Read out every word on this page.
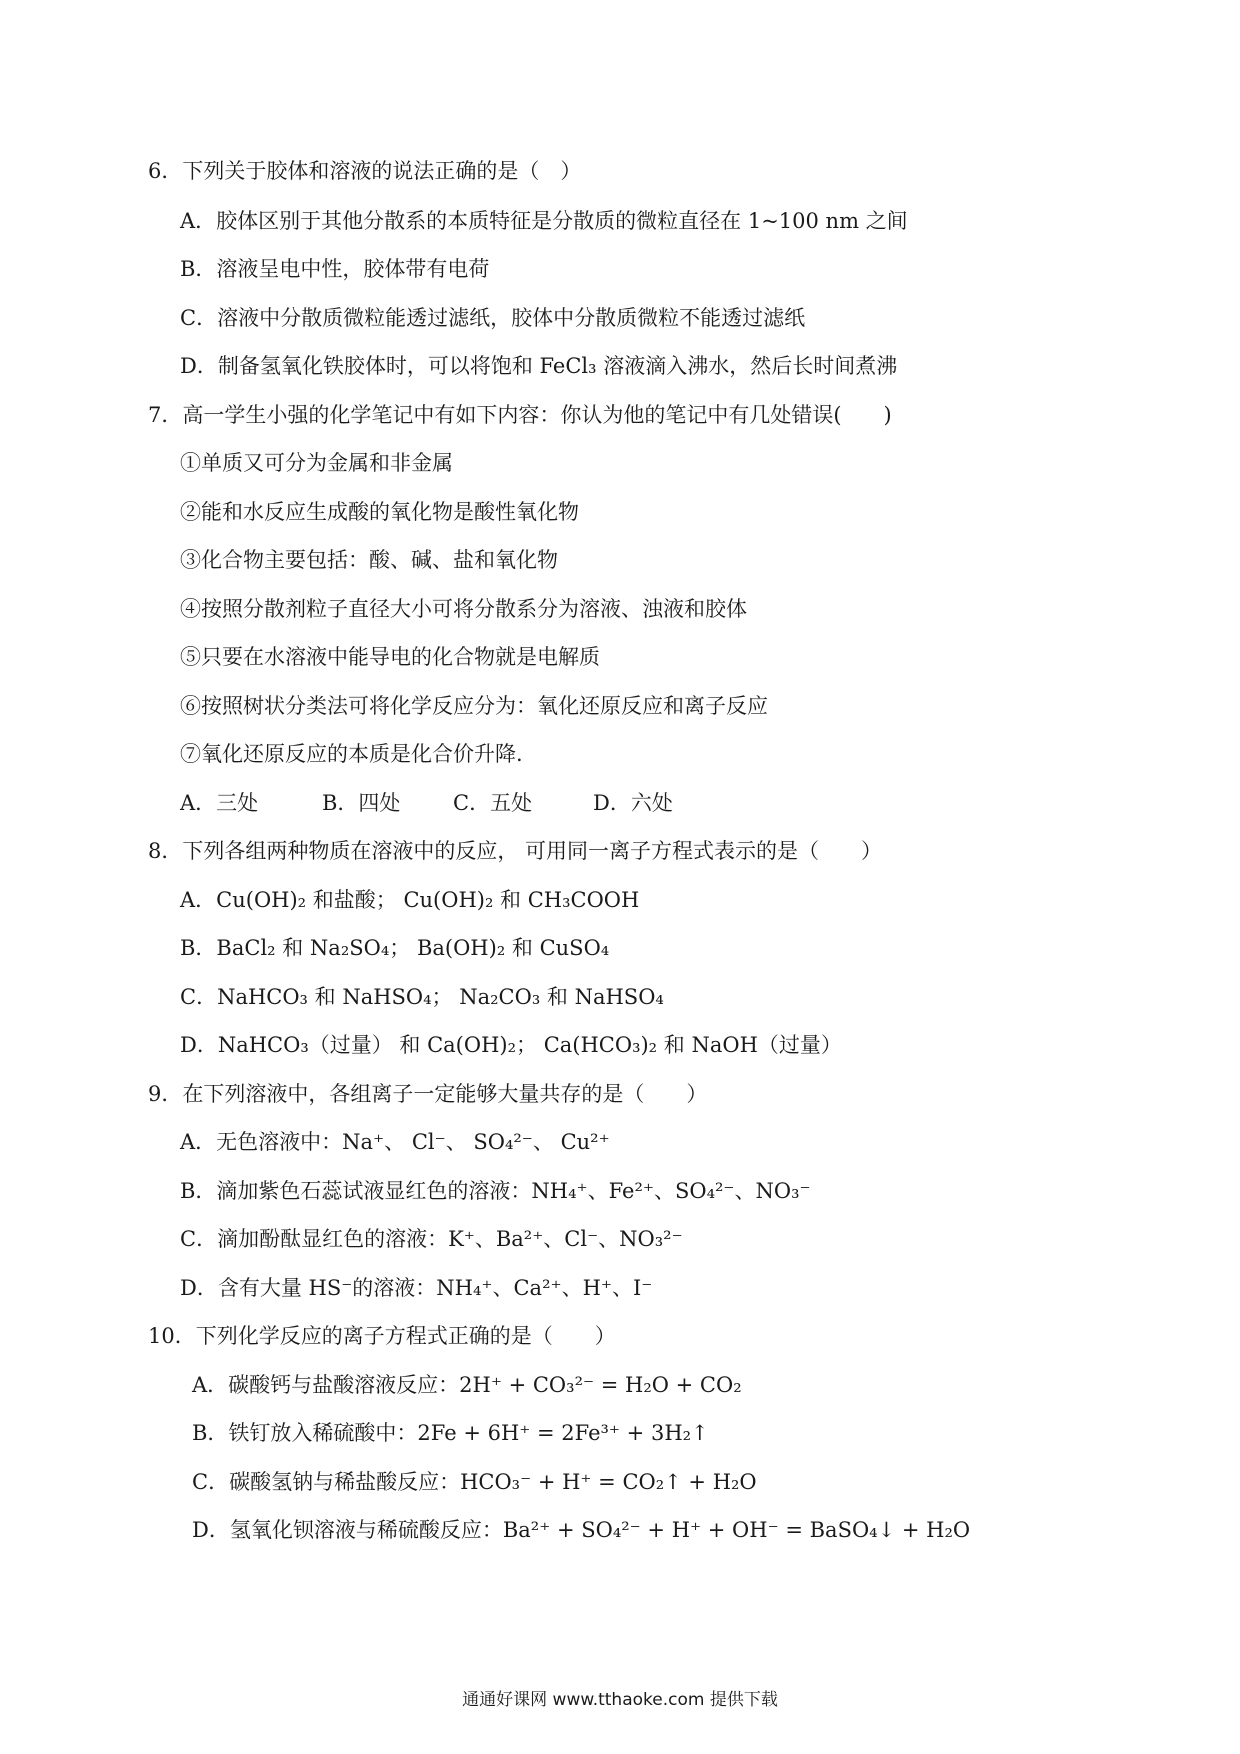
6．下列关于胶体和溶液的说法正确的是（　）
A．胶体区别于其他分散系的本质特征是分散质的微粒直径在 1~100 nm 之间
B．溶液呈电中性，胶体带有电荷
C．溶液中分散质微粒能透过滤纸，胶体中分散质微粒不能透过滤纸
D．制备氢氧化铁胶体时，可以将饱和 FeCl₃ 溶液滴入沸水，然后长时间煮沸
7．高一学生小强的化学笔记中有如下内容：你认为他的笔记中有几处错误(　　)
①单质又可分为金属和非金属
②能和水反应生成酸的氧化物是酸性氧化物
③化合物主要包括：酸、碱、盐和氧化物
④按照分散剂粒子直径大小可将分散系分为溶液、浊液和胶体
⑤只要在水溶液中能导电的化合物就是电解质
⑥按照树状分类法可将化学反应分为：氧化还原反应和离子反应
⑦氧化还原反应的本质是化合价升降.
A．三处	B．四处	C．五处	D．六处
8．下列各组两种物质在溶液中的反应， 可用同一离子方程式表示的是（　　）
A．Cu(OH)₂ 和盐酸； Cu(OH)₂ 和 CH₃COOH
B．BaCl₂ 和 Na₂SO₄； Ba(OH)₂ 和 CuSO₄
C．NaHCO₃ 和 NaHSO₄； Na₂CO₃ 和 NaHSO₄
D．NaHCO₃（过量） 和 Ca(OH)₂； Ca(HCO₃)₂ 和 NaOH（过量）
9．在下列溶液中，各组离子一定能够大量共存的是（　　）
A．无色溶液中：Na⁺、 Cl⁻、 SO₄²⁻、 Cu²⁺
B．滴加紫色石蕊试液显红色的溶液：NH₄⁺、Fe²⁺、SO₄²⁻、NO₃⁻
C．滴加酚酞显红色的溶液：K⁺、Ba²⁺、Cl⁻、NO₃²⁻
D．含有大量 HS⁻的溶液：NH₄⁺、Ca²⁺、H⁺、I⁻
10．下列化学反应的离子方程式正确的是（　　）
A．碳酸钙与盐酸溶液反应：2H⁺ + CO₃²⁻ = H₂O + CO₂
B．铁钉放入稀硫酸中：2Fe + 6H⁺ = 2Fe³⁺ + 3H₂↑
C．碳酸氢钠与稀盐酸反应：HCO₃⁻ + H⁺ = CO₂↑ + H₂O
D．氢氧化钡溶液与稀硫酸反应：Ba²⁺ + SO₄²⁻ + H⁺ + OH⁻ = BaSO₄↓ + H₂O
通通好课网 www.tthaoke.com 提供下载
